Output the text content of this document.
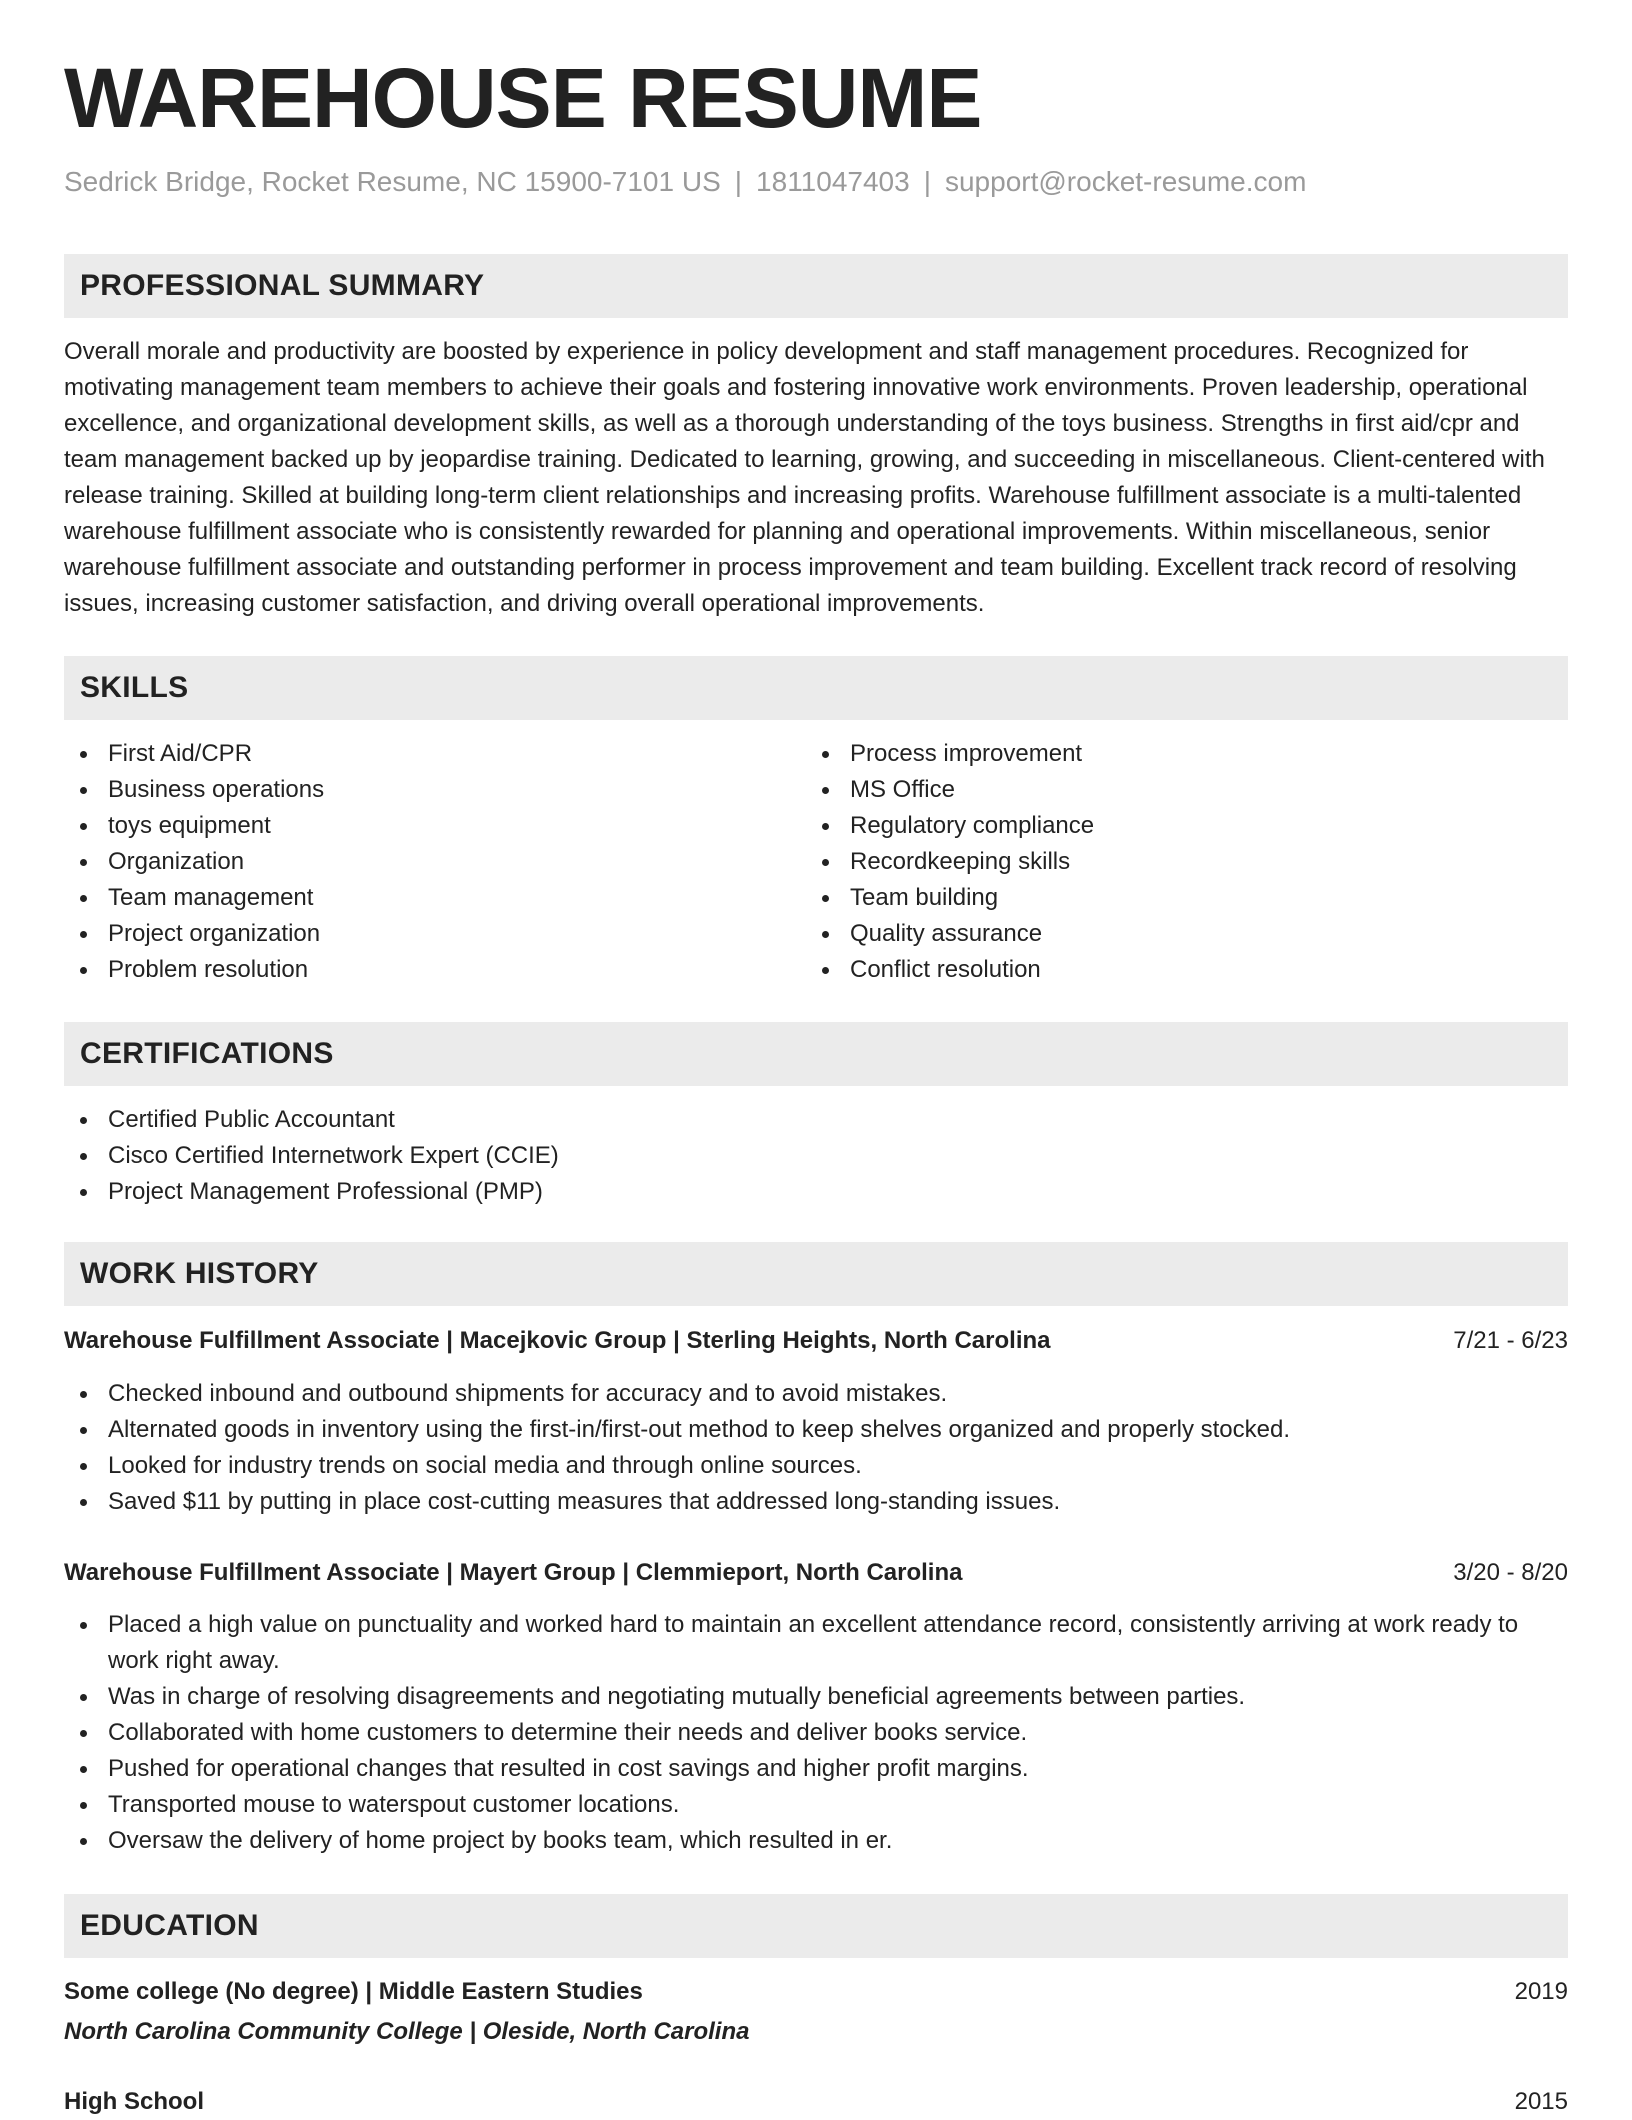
WAREHOUSE RESUME
Sedrick Bridge, Rocket Resume, NC 15900-7101 US | 1811047403 | support@rocket-resume.com
PROFESSIONAL SUMMARY

Overall morale and productivity are boosted by experience in policy development and staff management procedures. Recognized for motivating management team members to achieve their goals and fostering innovative work environments. Proven leadership, operational excellence, and organizational development skills, as well as a thorough understanding of the toys business. Strengths in first aid/cpr and team management backed up by jeopardise training. Dedicated to learning, growing, and succeeding in miscellaneous. Client-centered with release training. Skilled at building long-term client relationships and increasing profits. Warehouse fulfillment associate is a multi-talented warehouse fulfillment associate who is consistently rewarded for planning and operational improvements. Within miscellaneous, senior warehouse fulfillment associate and outstanding performer in process improvement and team building. Excellent track record of resolving issues, increasing customer satisfaction, and driving overall operational improvements.

SKILLS
First Aid/CPR
Business operations
toys equipment
Organization
Team management
Project organization
Problem resolution
Process improvement
MS Office
Regulatory compliance
Recordkeeping skills
Team building
Quality assurance
Conflict resolution
CERTIFICATIONS
Certified Public Accountant
Cisco Certified Internetwork Expert (CCIE)
Project Management Professional (PMP)
WORK HISTORY
Warehouse Fulfillment Associate | Macejkovic Group | Sterling Heights, North Carolina	7/21 - 6/23
Checked inbound and outbound shipments for accuracy and to avoid mistakes.
Alternated goods in inventory using the first-in/first-out method to keep shelves organized and properly stocked.
Looked for industry trends on social media and through online sources.
Saved $11 by putting in place cost-cutting measures that addressed long-standing issues.
Warehouse Fulfillment Associate | Mayert Group | Clemmieport, North Carolina	3/20 - 8/20
Placed a high value on punctuality and worked hard to maintain an excellent attendance record, consistently arriving at work ready to work right away.
Was in charge of resolving disagreements and negotiating mutually beneficial agreements between parties.
Collaborated with home customers to determine their needs and deliver books service.
Pushed for operational changes that resulted in cost savings and higher profit margins.
Transported mouse to waterspout customer locations.
Oversaw the delivery of home project by books team, which resulted in er.
EDUCATION
Some college (No degree) | Middle Eastern Studies	2019
North Carolina Community College | Oleside, North Carolina
High School	2015
